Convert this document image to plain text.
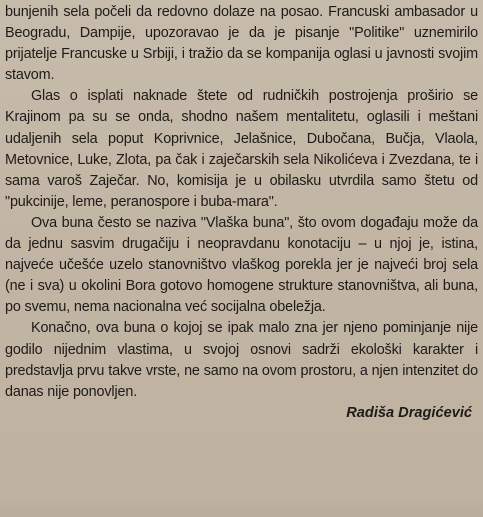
bunjenih sela počeli da redovno dolaze na posao. Francuski ambasador u Beogradu, Dampije, upozoravao je da je pisanje "Politike" uznemirilo prijatelje Francuske u Srbiji, i tražio da se kompanija oglasi u javnosti svojim stavom.

Glas o isplati naknade štete od rudničkih postrojenja proširio se Krajinom pa su se onda, shodno našem mentalitetu, oglasili i meštani udaljenih sela poput Koprivnice, Jelašnice, Dubočana, Bučja, Vlaola, Metovnice, Luke, Zlota, pa čak i zaječarskih sela Nikolićeva i Zvezdana, te i sama varoš Zaječar. No, komisija je u obilasku utvrdila samo štetu od "pukcinije, leme, peranospore i buba-mara".

Ova buna često se naziva "Vlaška buna", što ovom događaju može da da jednu sasvim drugačiju i neopravdanu konotaciju – u njoj je, istina, najveće učešće uzelo stanovništvo vlaškog porekla jer je najveći broj sela (ne i sva) u okolini Bora gotovo homogene strukture stanovništva, ali buna, po svemu, nema nacionalna već socijalna obeležja.

Konačno, ova buna o kojoj se ipak malo zna jer njeno pominjanje nije godilo nijednim vlastima, u svojoj osnovi sadrži ekološki karakter i predstavlja prvu takve vrste, ne samo na ovom prostoru, a njen intenzitet do danas nije ponovljen.

Radiša Dragićević
